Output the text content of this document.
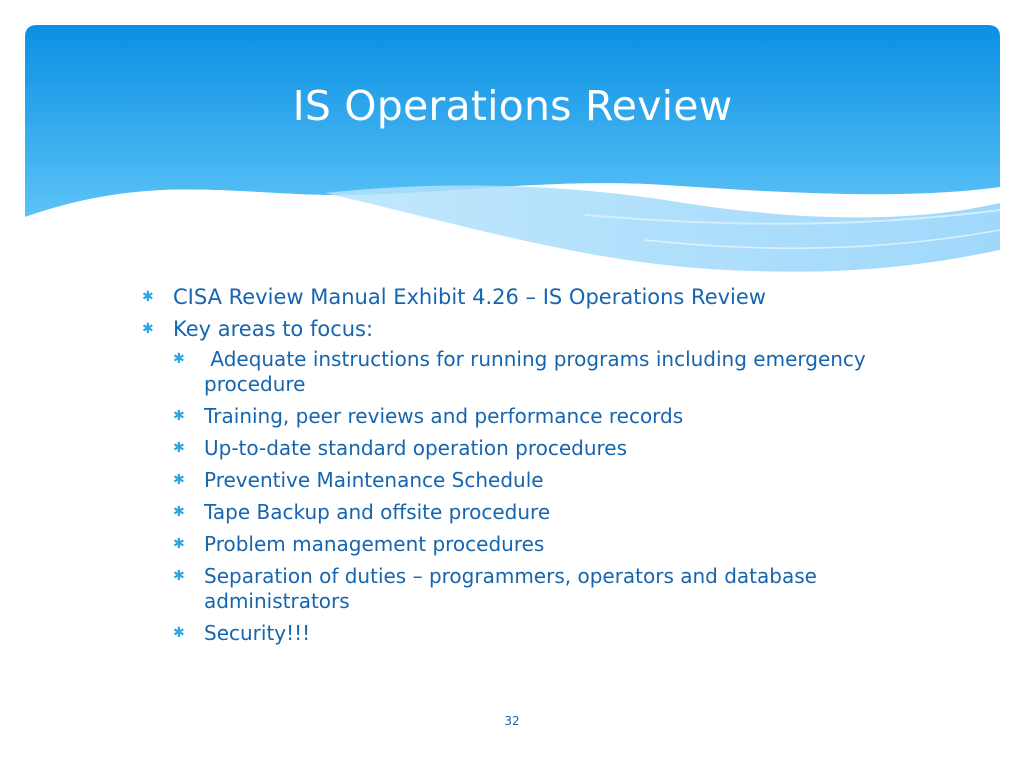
IS Operations Review
✱ CISA Review Manual Exhibit 4.26 – IS Operations Review
✱ Key areas to focus:
✱ Adequate instructions for running programs including emergency procedure
✱ Training, peer reviews and performance records
✱ Up-to-date standard operation procedures
✱ Preventive Maintenance Schedule
✱ Tape Backup and offsite procedure
✱ Problem management procedures
✱ Separation of duties – programmers, operators and database administrators
✱ Security!!!
32
